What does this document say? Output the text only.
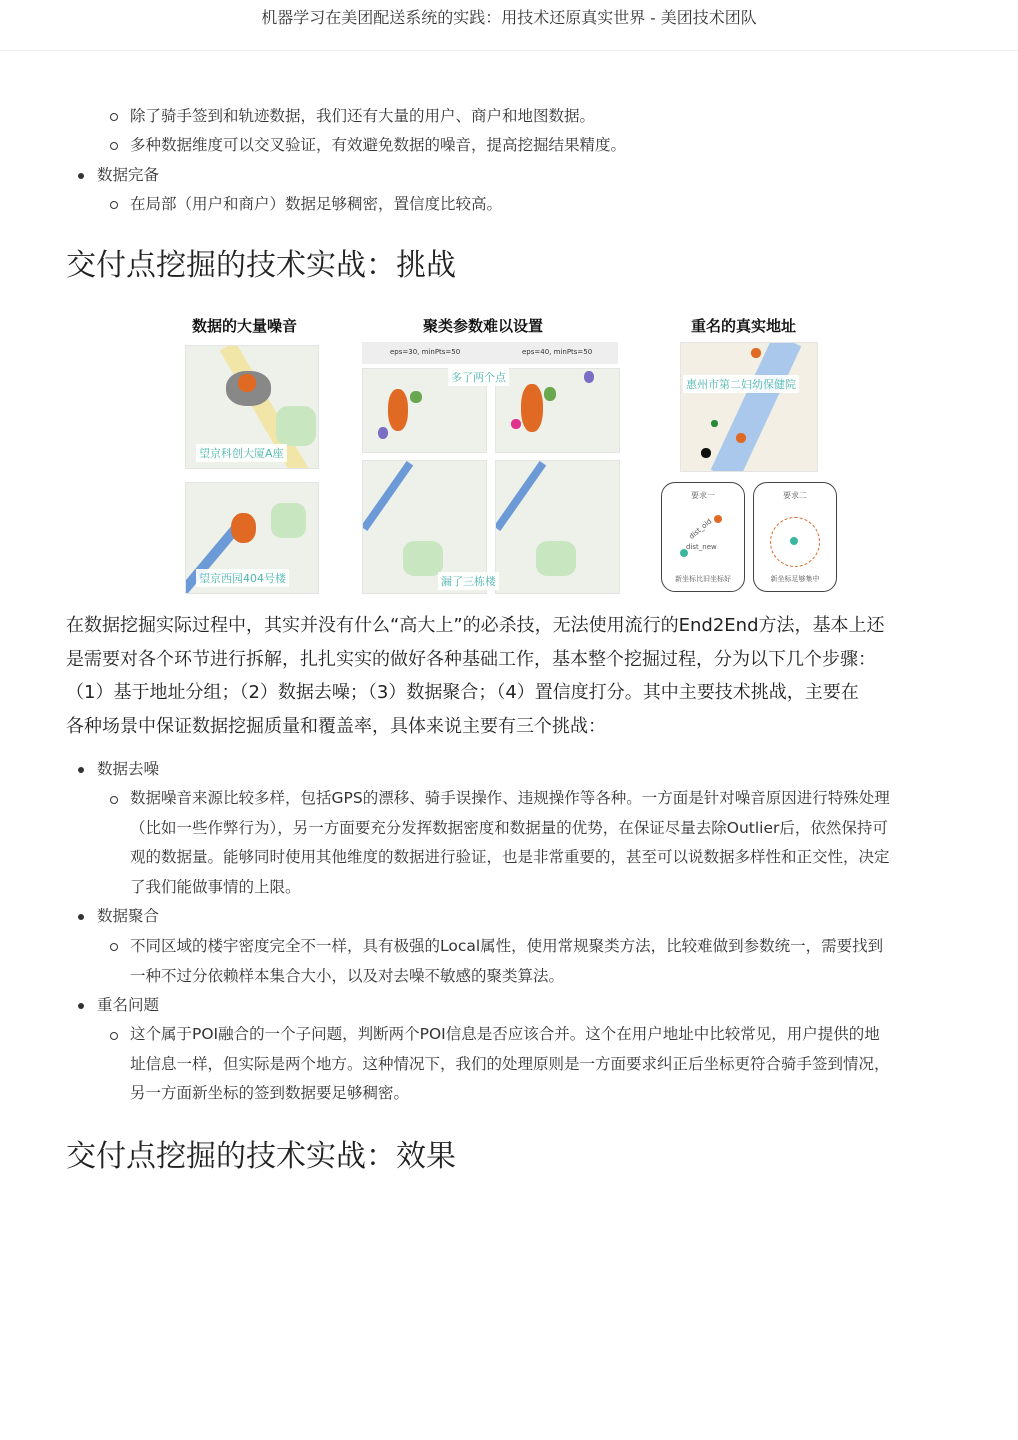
机器学习在美团配送系统的实践：用技术还原真实世界 - 美团技术团队
除了骑手签到和轨迹数据，我们还有大量的用户、商户和地图数据。
多种数据维度可以交叉验证，有效避免数据的噪音，提高挖掘结果精度。
数据完备
在局部（用户和商户）数据足够稠密，置信度比较高。
交付点挖掘的技术实战：挑战
数据的大量噪音	聚类参数难以设置	重名的真实地址
望京科创大厦A座
望京西园404号楼
eps=30, minPts=50	eps=40, minPts=50
多了两个点
漏了三栋楼
惠州市第二妇幼保健院
要求一
dist_old
dist_new
新坐标比旧坐标好
要求二
新坐标足够集中
在数据挖掘实际过程中，其实并没有什么“高大上”的必杀技，无法使用流行的End2End方法，基本上还
是需要对各个环节进行拆解，扎扎实实的做好各种基础工作，基本整个挖掘过程，分为以下几个步骤：
（1）基于地址分组；（2）数据去噪；（3）数据聚合；（4）置信度打分。其中主要技术挑战，主要在
各种场景中保证数据挖掘质量和覆盖率，具体来说主要有三个挑战：
数据去噪
数据噪音来源比较多样，包括GPS的漂移、骑手误操作、违规操作等各种。一方面是针对噪音原因进行特殊处理
（比如一些作弊行为），另一方面要充分发挥数据密度和数据量的优势，在保证尽量去除Outlier后，依然保持可
观的数据量。能够同时使用其他维度的数据进行验证，也是非常重要的，甚至可以说数据多样性和正交性，决定
了我们能做事情的上限。
数据聚合
不同区域的楼宇密度完全不一样，具有极强的Local属性，使用常规聚类方法，比较难做到参数统一，需要找到
一种不过分依赖样本集合大小，以及对去噪不敏感的聚类算法。
重名问题
这个属于POI融合的一个子问题，判断两个POI信息是否应该合并。这个在用户地址中比较常见，用户提供的地
址信息一样，但实际是两个地方。这种情况下，我们的处理原则是一方面要求纠正后坐标更符合骑手签到情况，
另一方面新坐标的签到数据要足够稠密。
交付点挖掘的技术实战：效果
